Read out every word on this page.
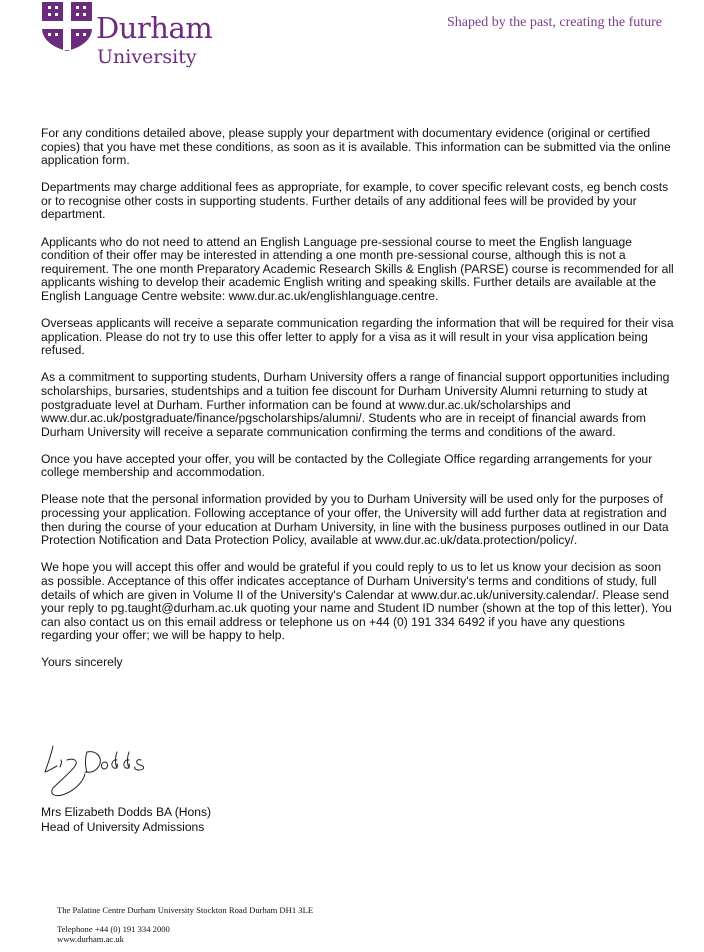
Durham
University
Shaped by the past, creating the future

For any conditions detailed above, please supply your department with documentary evidence (original or certified copies) that you have met these conditions, as soon as it is available. This information can be submitted via the online application form.

Departments may charge additional fees as appropriate, for example, to cover specific relevant costs, eg bench costs or to recognise other costs in supporting students. Further details of any additional fees will be provided by your department.

Applicants who do not need to attend an English Language pre-sessional course to meet the English language condition of their offer may be interested in attending a one month pre-sessional course, although this is not a requirement. The one month Preparatory Academic Research Skills & English (PARSE) course is recommended for all applicants wishing to develop their academic English writing and speaking skills. Further details are available at the English Language Centre website: www.dur.ac.uk/englishlanguage.centre.

Overseas applicants will receive a separate communication regarding the information that will be required for their visa application. Please do not try to use this offer letter to apply for a visa as it will result in your visa application being refused.

As a commitment to supporting students, Durham University offers a range of financial support opportunities including scholarships, bursaries, studentships and a tuition fee discount for Durham University Alumni returning to study at postgraduate level at Durham. Further information can be found at www.dur.ac.uk/scholarships and www.dur.ac.uk/postgraduate/finance/pgscholarships/alumni/. Students who are in receipt of financial awards from Durham University will receive a separate communication confirming the terms and conditions of the award.

Once you have accepted your offer, you will be contacted by the Collegiate Office regarding arrangements for your college membership and accommodation.

Please note that the personal information provided by you to Durham University will be used only for the purposes of processing your application. Following acceptance of your offer, the University will add further data at registration and then during the course of your education at Durham University, in line with the business purposes outlined in our Data Protection Notification and Data Protection Policy, available at www.dur.ac.uk/data.protection/policy/.

We hope you will accept this offer and would be grateful if you could reply to us to let us know your decision as soon as possible. Acceptance of this offer indicates acceptance of Durham University's terms and conditions of study, full details of which are given in Volume II of the University's Calendar at www.dur.ac.uk/university.calendar/. Please send your reply to pg.taught@durham.ac.uk quoting your name and Student ID number (shown at the top of this letter). You can also contact us on this email address or telephone us on +44 (0) 191 334 6492 if you have any questions regarding your offer; we will be happy to help.

Yours sincerely

Mrs Elizabeth Dodds BA (Hons)
Head of University Admissions
The Palatine Centre Durham University Stockton Road Durham DH1 3LE
Telephone +44 (0) 191 334 2000
www.durham.ac.uk
